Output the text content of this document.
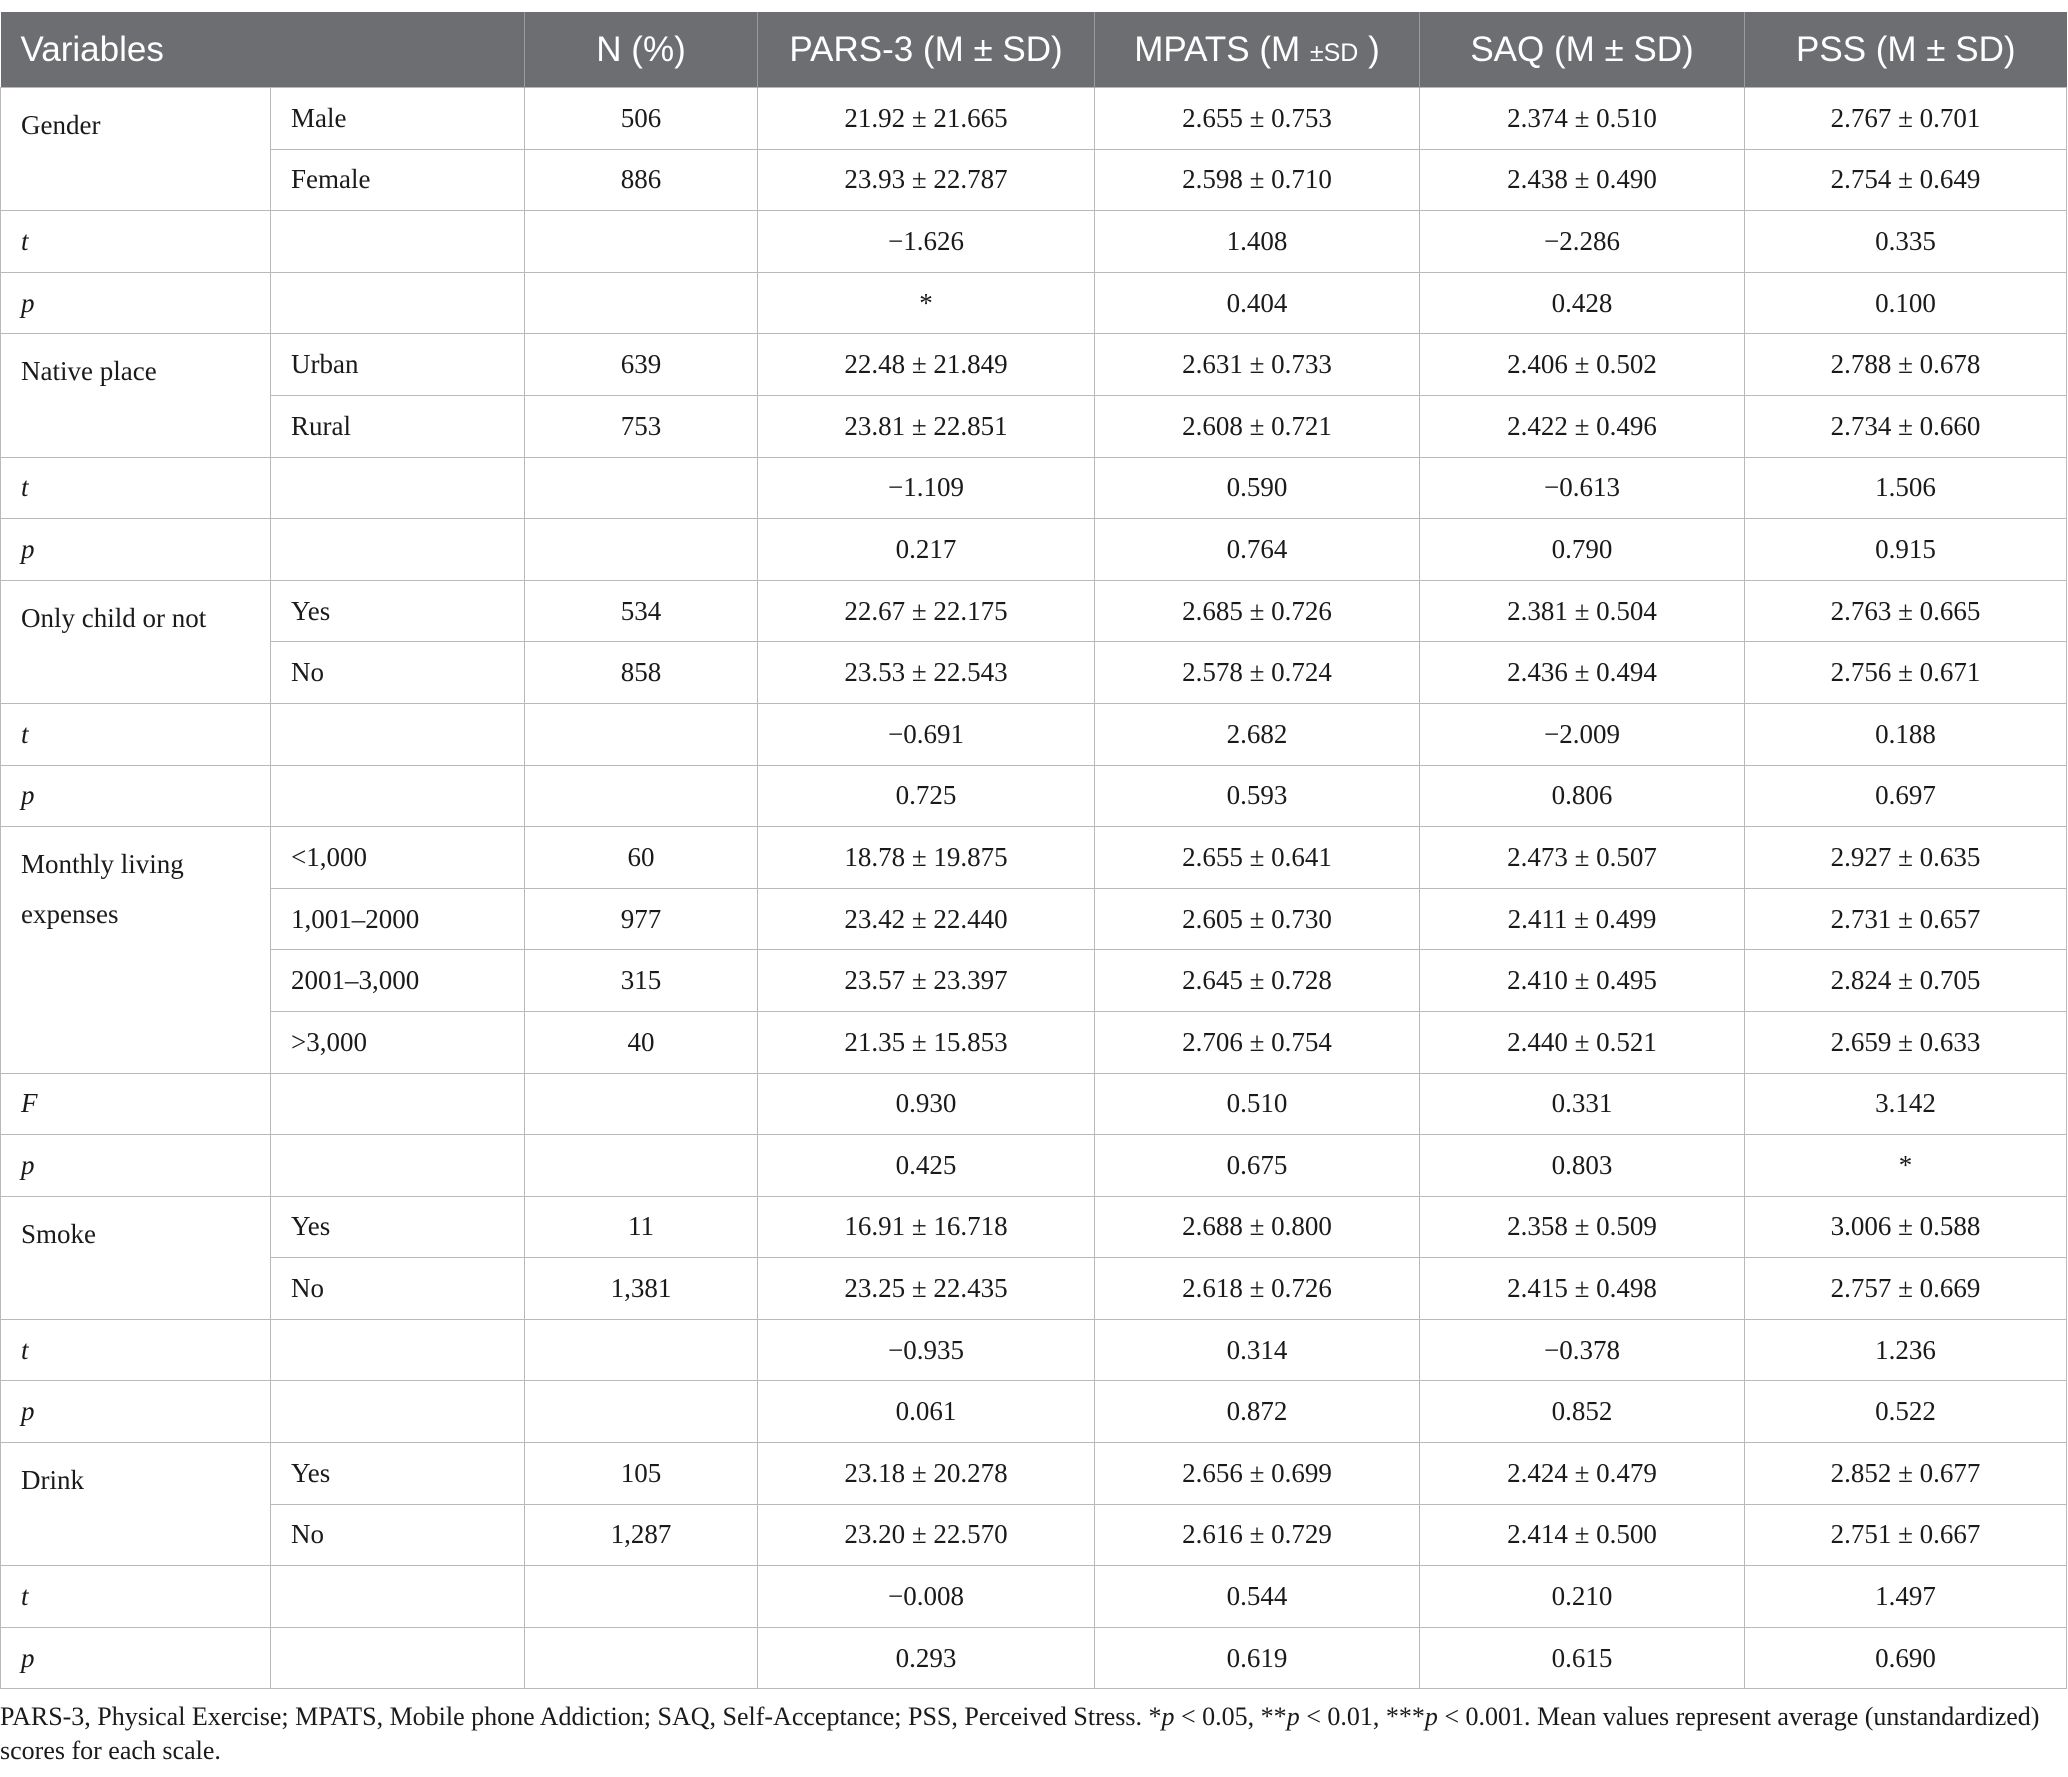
Variables		N (%)	PARS-3 (M ± SD)	MPATS (M ±SD )	SAQ (M ± SD)	PSS (M ± SD)
Gender	Male	506	21.92 ± 21.665	2.655 ± 0.753	2.374 ± 0.510	2.767 ± 0.701
	Female	886	23.93 ± 22.787	2.598 ± 0.710	2.438 ± 0.490	2.754 ± 0.649
t			−1.626	1.408	−2.286	0.335
p			*	0.404	0.428	0.100
Native place	Urban	639	22.48 ± 21.849	2.631 ± 0.733	2.406 ± 0.502	2.788 ± 0.678
	Rural	753	23.81 ± 22.851	2.608 ± 0.721	2.422 ± 0.496	2.734 ± 0.660
t			−1.109	0.590	−0.613	1.506
p			0.217	0.764	0.790	0.915
Only child or not	Yes	534	22.67 ± 22.175	2.685 ± 0.726	2.381 ± 0.504	2.763 ± 0.665
	No	858	23.53 ± 22.543	2.578 ± 0.724	2.436 ± 0.494	2.756 ± 0.671
t			−0.691	2.682	−2.009	0.188
p			0.725	0.593	0.806	0.697
Monthly living expenses	<1,000	60	18.78 ± 19.875	2.655 ± 0.641	2.473 ± 0.507	2.927 ± 0.635
	1,001–2000	977	23.42 ± 22.440	2.605 ± 0.730	2.411 ± 0.499	2.731 ± 0.657
	2001–3,000	315	23.57 ± 23.397	2.645 ± 0.728	2.410 ± 0.495	2.824 ± 0.705
	>3,000	40	21.35 ± 15.853	2.706 ± 0.754	2.440 ± 0.521	2.659 ± 0.633
F			0.930	0.510	0.331	3.142
p			0.425	0.675	0.803	*
Smoke	Yes	11	16.91 ± 16.718	2.688 ± 0.800	2.358 ± 0.509	3.006 ± 0.588
	No	1,381	23.25 ± 22.435	2.618 ± 0.726	2.415 ± 0.498	2.757 ± 0.669
t			−0.935	0.314	−0.378	1.236
p			0.061	0.872	0.852	0.522
Drink	Yes	105	23.18 ± 20.278	2.656 ± 0.699	2.424 ± 0.479	2.852 ± 0.677
	No	1,287	23.20 ± 22.570	2.616 ± 0.729	2.414 ± 0.500	2.751 ± 0.667
t			−0.008	0.544	0.210	1.497
p			0.293	0.619	0.615	0.690
PARS-3, Physical Exercise; MPATS, Mobile phone Addiction; SAQ, Self-Acceptance; PSS, Perceived Stress. *p < 0.05, **p < 0.01, ***p < 0.001. Mean values represent average (unstandardized) scores for each scale.
